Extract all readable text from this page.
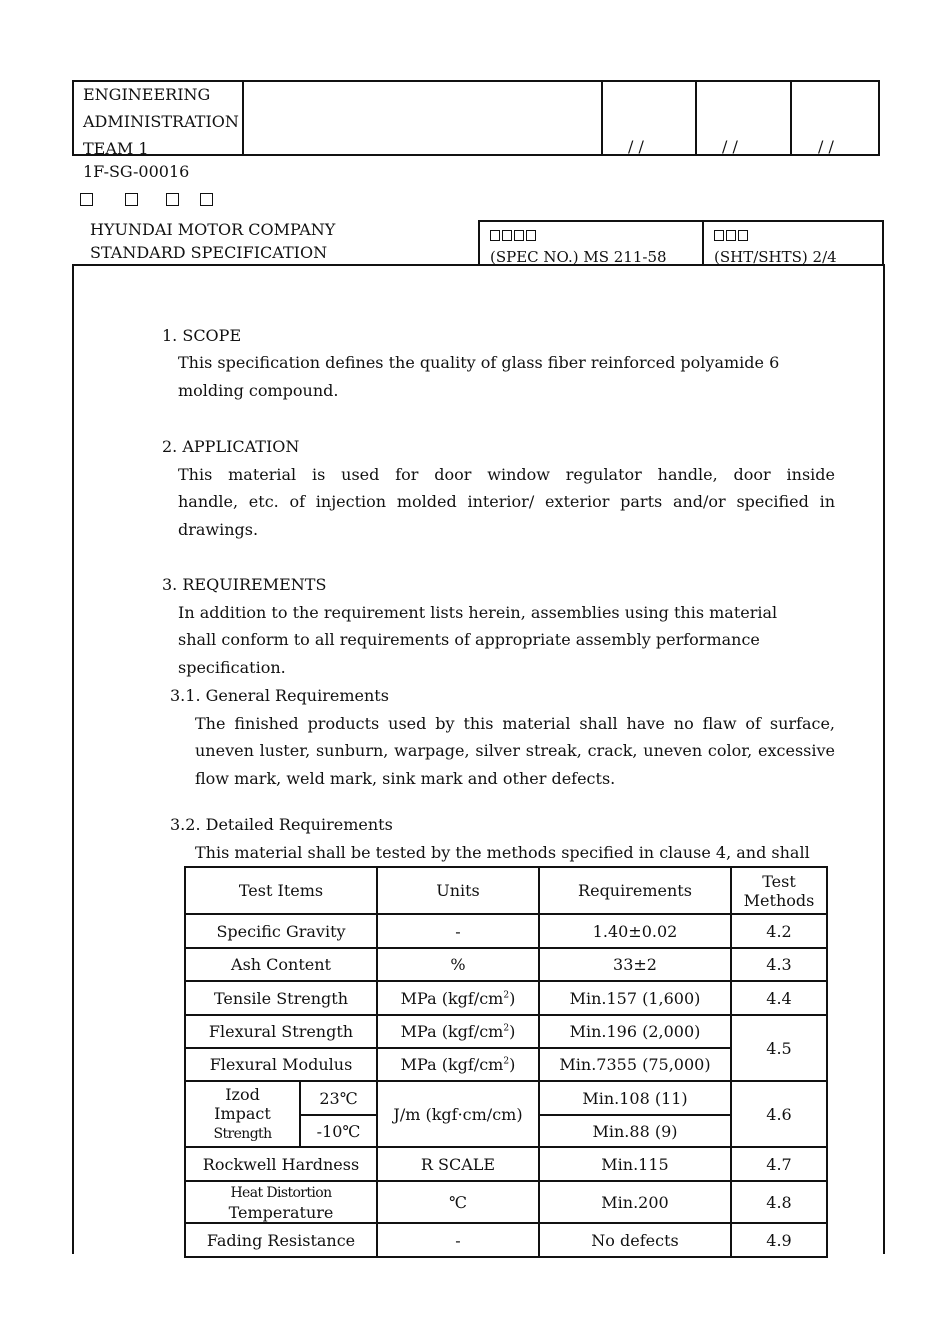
/ /	/ /	/ /
ENGINEERING
ADMINISTRATION
TEAM 1
1F-SG-00016
HYUNDAI MOTOR COMPANY
STANDARD SPECIFICATION	(SPEC NO.) MS 211-58	(SHT/SHTS) 2/4
1. SCOPE
This specification defines the quality of glass fiber reinforced polyamide 6
molding compound.
2. APPLICATION
This material is used for door window regulator handle, door inside
handle, etc. of injection molded interior/ exterior parts and/or specified in
drawings.
3. REQUIREMENTS
In addition to the requirement lists herein, assemblies using this material
shall conform to all requirements of appropriate assembly performance
specification.
3.1. General Requirements
The finished products used by this material shall have no flaw of surface,
uneven luster, sunburn, warpage, silver streak, crack, uneven color, excessive
flow mark, weld mark, sink mark and other defects.
3.2. Detailed Requirements
This material shall be tested by the methods specified in clause 4, and shall
Test Items		Units	Requirements	Test
Methods
Specific Gravity		-	1.40±0.02	4.2
Ash Content		%	33±2	4.3
Tensile Strength		MPa $(kgf/cm^2)$	Min.157 (1,600)	4.4
Flexural Strength		MPa $(kgf/cm^2)$	Min.196 (2,000)	4.5
Flexural Modulus		MPa $(kgf/cm^2)$	Min.7355 (75,000)	
Izod
Impact
Strength	23℃	J/m (kgf·cm/cm)	Min.108 (11)	4.6
	-10℃		Min.88 (9)	
Rockwell Hardness		R SCALE	Min.115	4.7
Heat Distortion
Temperature		℃	Min.200	4.8
Fading Resistance		-	No defects	4.9
